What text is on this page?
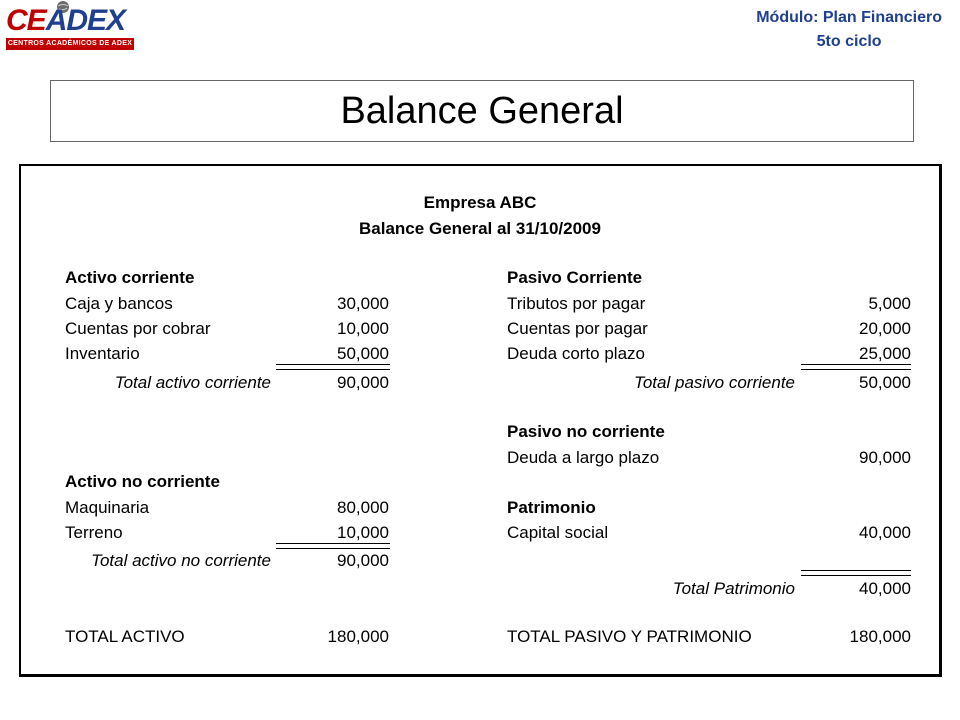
CEADEX
CENTROS ACADÉMICOS DE ADEX
Módulo: Plan Financiero
5to ciclo
Balance General
Empresa ABC
Balance General al 31/10/2009
Activo corriente
Caja y bancos	30,000
Cuentas por cobrar	10,000
Inventario	50,000
Total activo corriente	90,000
Activo no corriente
Maquinaria	80,000
Terreno	10,000
Total activo no corriente	90,000
TOTAL ACTIVO	180,000
Pasivo Corriente
Tributos por pagar	5,000
Cuentas por pagar	20,000
Deuda corto plazo	25,000
Total pasivo corriente	50,000
Pasivo no corriente
Deuda a largo plazo	90,000
Patrimonio
Capital social	40,000
Total Patrimonio	40,000
TOTAL PASIVO Y PATRIMONIO	180,000
